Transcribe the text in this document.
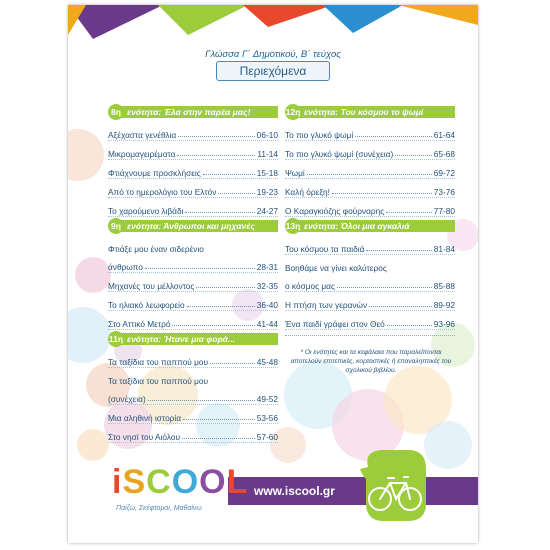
Γλώσσα Γ΄ Δημοτικού, Β΄ τεύχος
Περιεχόμενα
8η ενότητα: Έλα στην παρέα μας!
Αξέχαστα γενέθλια	06-10
Μικρομαγειρέματα	11-14
Φτιάχνουμε προσκλήσεις	15-18
Από το ημερολόγιο του Ελτόν	19-23
Το χαρούμενο λιβάδι	24-27
9η ενότητα: Άνθρωποι και μηχανές
Φτιάξε μου έναν σιδερένιο
άνθρωπο	28-31
Μηχανές του μέλλοντος	32-35
Το ηλιακό λεωφορείο	36-40
Στο Αττικό Μετρό	41-44
11η ενότητα: Ήτανε μια φορά...
Τα ταξίδια του παππού μου	45-48
Τα ταξίδια του παππού μου
(συνέχεια)	49-52
Μια αληθινή ιστορία	53-56
Στο νησί του Αιόλου	57-60
12η ενότητα: Του κόσμου το ψωμί
Το πιο γλυκό ψωμί	61-64
Το πιο γλυκό ψωμί (συνέχεια)	65-68
Ψωμί	69-72
Καλή όρεξη!	73-76
Ο Καραγκιόζης φούρναρης	77-80
13η ενότητα: Όλοι μια αγκαλιά
Του κόσμου τα παιδιά	81-84
Βοηθάμε να γίνει καλύτερος
ο κόσμος μας	85-88
Η πτήση των γερανών	89-92
Ένα παιδί γράφει στον Θεό	93-96
* Οι ενότητες και τα κεφάλαια που παραλείπονται αποτελούν επιτεπικές, κορταστικές ή επαναληπτικές του σχολικού βιβλίου.
www.iscool.gr
iSCOOL
Παίζω, Σκέφτομαι, Μαθαίνω
